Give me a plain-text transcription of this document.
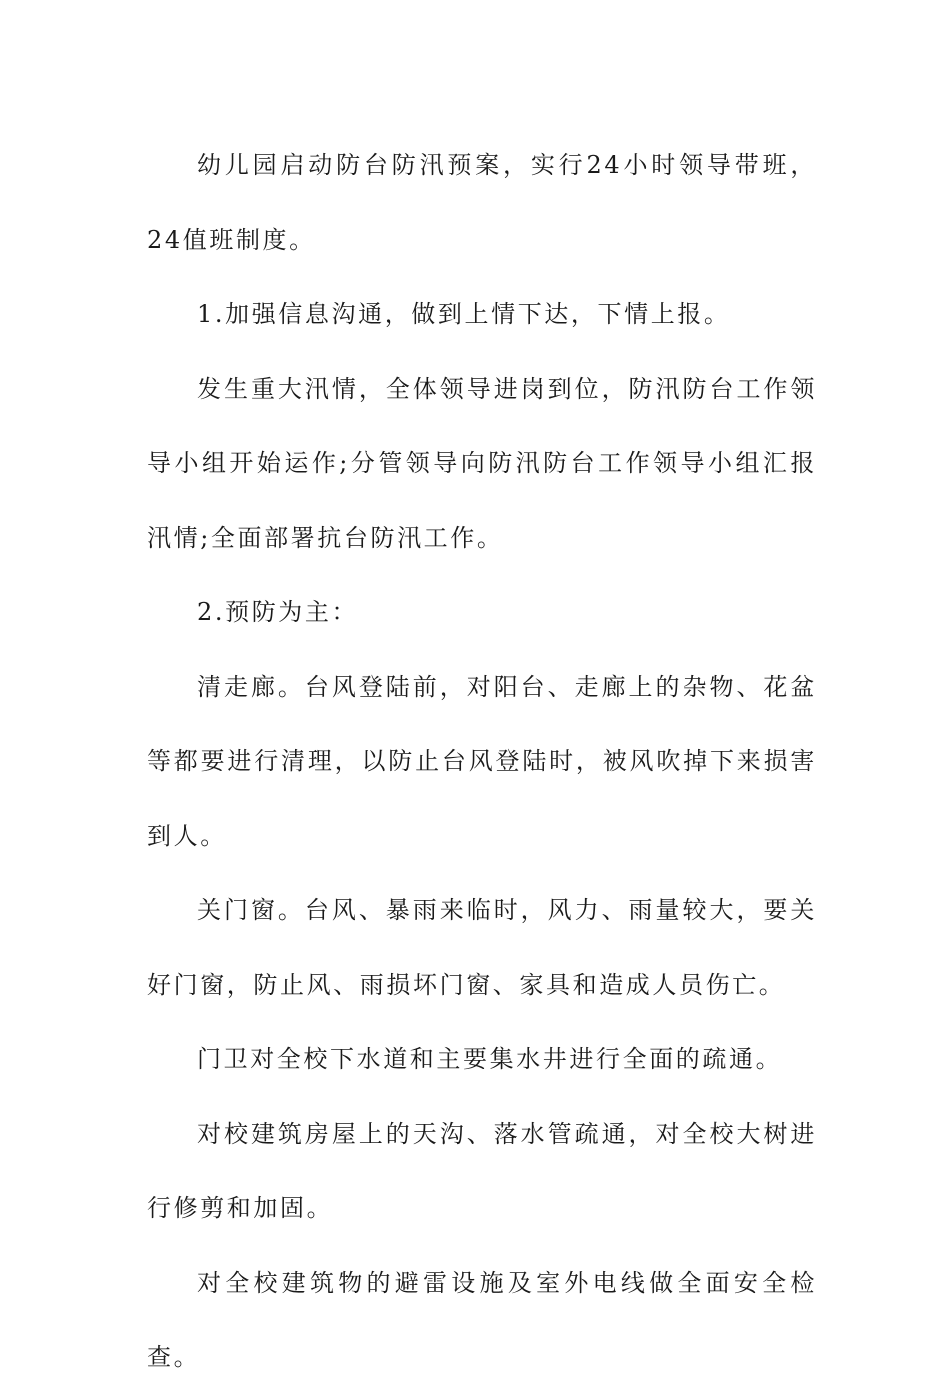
幼儿园启动防台防汛预案，实行24小时领导带班，24值班制度。

1.加强信息沟通，做到上情下达，下情上报。

发生重大汛情，全体领导进岗到位，防汛防台工作领导小组开始运作;分管领导向防汛防台工作领导小组汇报汛情;全面部署抗台防汛工作。

2.预防为主：

清走廊。台风登陆前，对阳台、走廊上的杂物、花盆等都要进行清理，以防止台风登陆时，被风吹掉下来损害到人。

关门窗。台风、暴雨来临时，风力、雨量较大，要关好门窗，防止风、雨损坏门窗、家具和造成人员伤亡。

门卫对全校下水道和主要集水井进行全面的疏通。

对校建筑房屋上的天沟、落水管疏通，对全校大树进行修剪和加固。

对全校建筑物的避雷设施及室外电线做全面安全检查。
